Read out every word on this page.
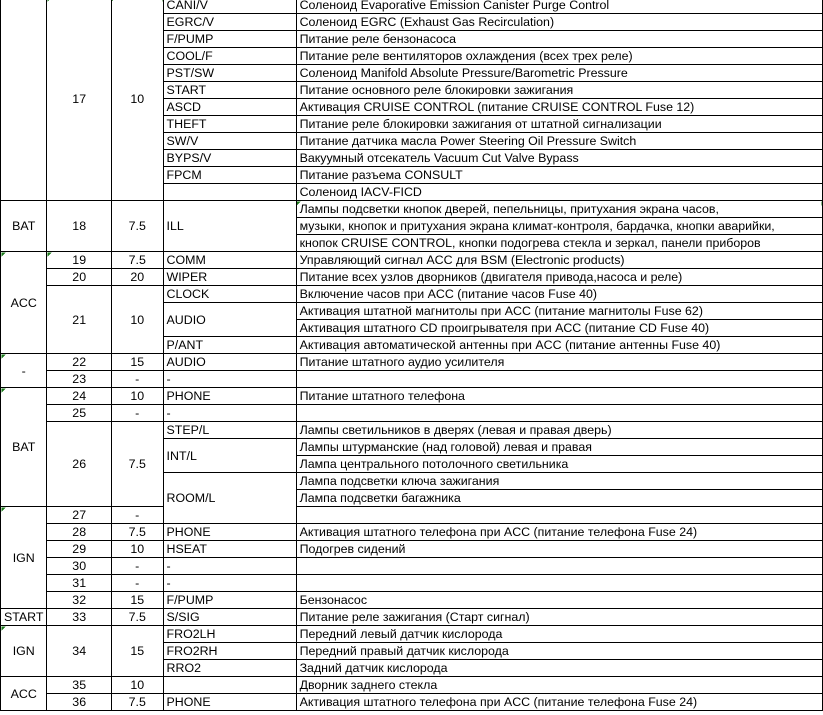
	17	10	CANI/V	Соленоид Evaporative Emission Canister Purge Control
			EGRC/V	Соленоид EGRC (Exhaust Gas Recirculation)
			F/PUMP	Питание реле бензонасоса
			COOL/F	Питание реле вентиляторов охлаждения (всех трех реле)
			PST/SW	Соленоид Manifold Absolute Pressure/Barometric Pressure
			START	Питание основного реле блокировки зажигания
			ASCD	Активация CRUISE CONTROL (питание CRUISE CONTROL Fuse 12)
			THEFT	Питание реле блокировки зажигания от штатной сигнализации
			SW/V	Питание датчика масла Power Steering Oil Pressure Switch
			BYPS/V	Вакуумный отсекатель Vacuum Cut Valve Bypass
			FPCM	Питание разъема CONSULT
				Соленоид IACV-FICD
BAT	18	7.5	ILL	Лампы подсветки кнопок дверей, пепельницы, притухания экрана часов,
				музыки, кнопок и притухания экрана климат-контроля, бардачка, кнопки аварийки,
				кнопок CRUISE CONTROL, кнопки подогрева стекла и зеркал, панели приборов
ACC	19	7.5	COMM	Управляющий сигнал ACC для BSM (Electronic products)
	20	20	WIPER	Питание всех узлов дворников (двигателя привода,насоса и реле)
	21	10	CLOCK	Включение часов при ACC (питание часов Fuse 40)
			AUDIO	Активация штатной магнитолы при ACC (питание магнитолы Fuse 62)
				Активация штатного CD проигрывателя при ACC (питание CD Fuse 40)
			P/ANT	Активация автоматической антенны при ACC (питание антенны Fuse 40)
-	22	15	AUDIO	Питание штатного аудио усилителя
	23	-	-	
BAT	24	10	PHONE	Питание штатного телефона
	25	-	-	
	26	7.5	STEP/L	Лампы светильников в дверях (левая и правая дверь)
			INT/L	Лампы штурманские (над головой) левая и правая
				Лампа центрального потолочного светильника
			ROOM/L	Лампа подсветки ключа зажигания
				Лампа подсветки багажника
IGN	27	-		
	28	7.5	PHONE	Активация штатного телефона при ACC (питание телефона Fuse 24)
	29	10	HSEAT	Подогрев сидений
	30	-	-	
	31	-	-	
	32	15	F/PUMP	Бензонасос
START	33	7.5	S/SIG	Питание реле зажигания (Старт сигнал)
IGN	34	15	FRO2LH	Передний левый датчик кислорода
			FRO2RH	Передний правый датчик кислорода
			RRO2	Задний датчик кислорода
ACC	35	10		Дворник заднего стекла
	36	7.5	PHONE	Активация штатного телефона при ACC (питание телефона Fuse 24)
